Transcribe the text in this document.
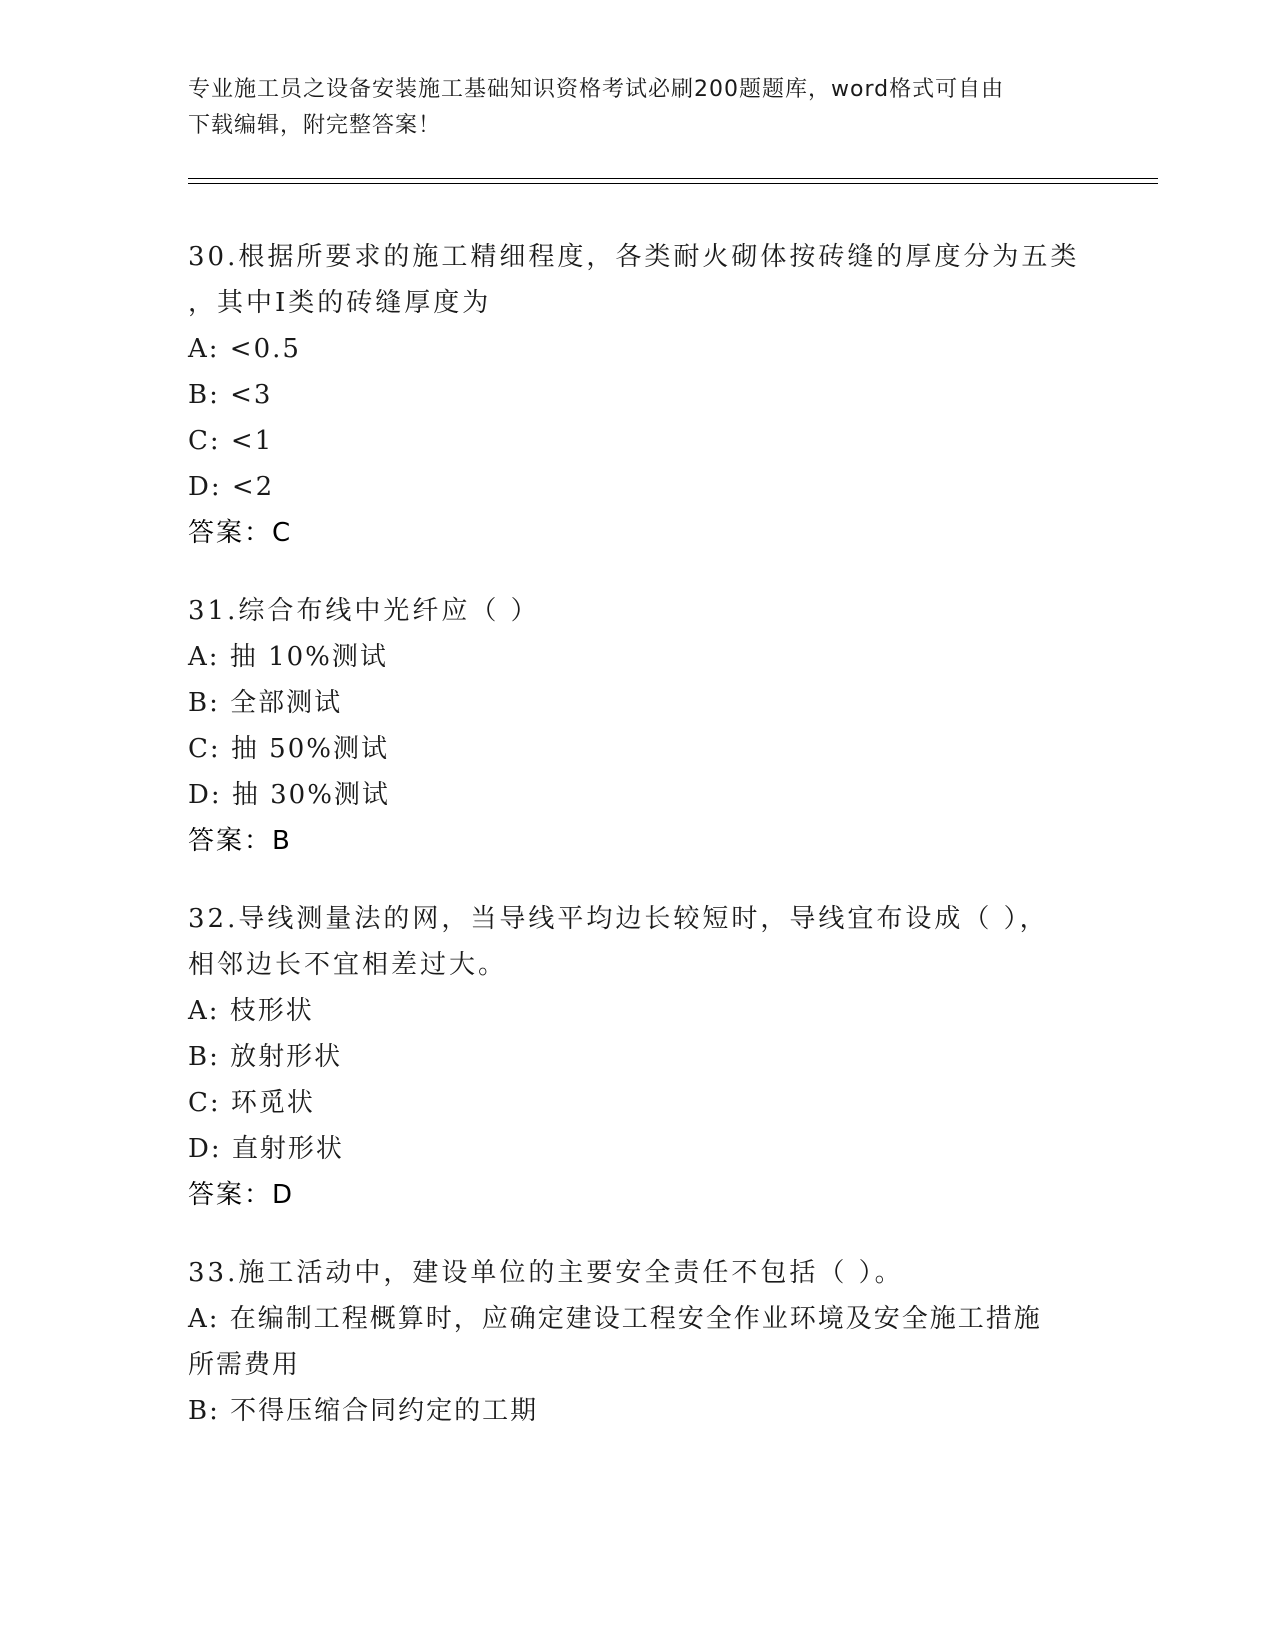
专业施工员之设备安装施工基础知识资格考试必刷200题题库，word格式可自由
下载编辑，附完整答案！

30.根据所要求的施工精细程度，各类耐火砌体按砖缝的厚度分为五类

，其中Ⅰ类的砖缝厚度为

A: <0.5

B: <3

C: <1

D: <2

答案：C

31.综合布线中光纤应（ ）

A: 抽 10%测试

B: 全部测试

C: 抽 50%测试

D: 抽 30%测试

答案：B

32.导线测量法的网，当导线平均边长较短时，导线宜布设成（ ），

相邻边长不宜相差过大。

A: 枝形状

B: 放射形状

C: 环觅状

D: 直射形状

答案：D

33.施工活动中，建设单位的主要安全责任不包括（ ）。

A: 在编制工程概算时，应确定建设工程安全作业环境及安全施工措施

所需费用

B: 不得压缩合同约定的工期
